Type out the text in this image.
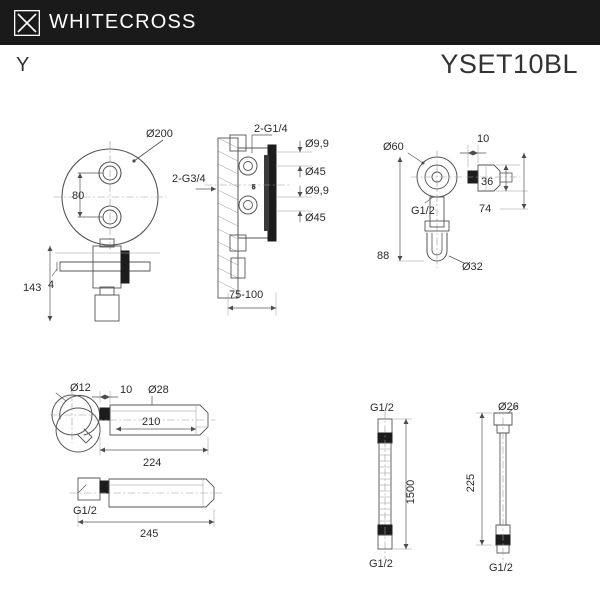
WHITECROSS
Y	YSET10BL
5
Ø200
80
2-G1/4
2-G3/4
Ø9,9
Ø45
Ø9,9
Ø45
75-100
143 4
Ø60
10
G1/2
36
74
88
Ø32
Ø12	10 Ø28
210
224
G1/2
245
G1/2
G1/2
Ø26
G1/2
1500	225
